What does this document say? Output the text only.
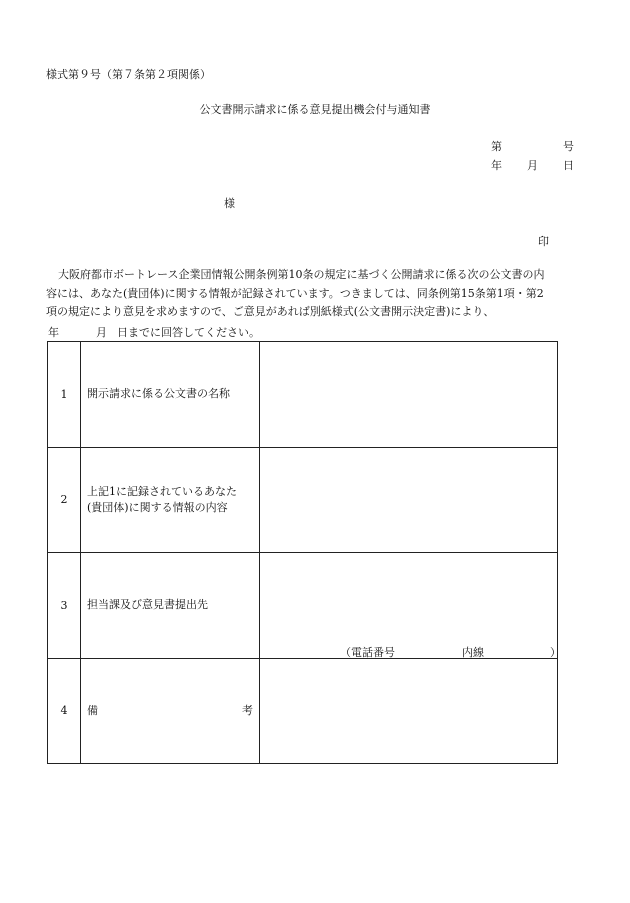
様式第９号（第７条第２項関係）
公文書開示請求に係る意見提出機会付与通知書
第	号
年 月 日
様
印
大阪府都市ボートレース企業団情報公開条例第10条の規定に基づく公開請求に係る次の公文書の内
容には、あなた(貴団体)に関する情報が記録されています。つきましては、同条例第15条第1項・第2
項の規定により意見を求めますので、ご意見があれば別紙様式(公文書開示決定書)により、
年	月 日までに回答してください。
1	開示請求に係る公文書の名称	
2	上記1に記録されているあなた
(貴団体)に関する情報の内容	

3	担当課及び意見書提出先	（電話番号 内線 ）

4	備 考	
